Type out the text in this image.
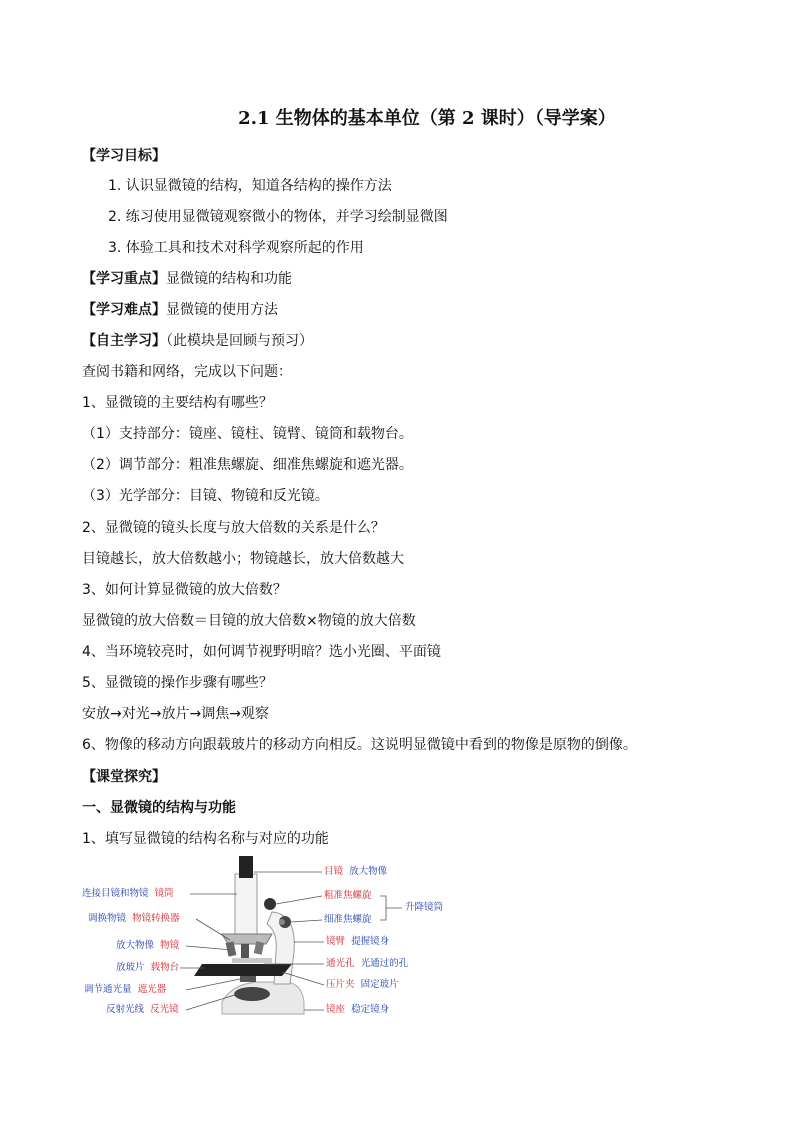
2.1 生物体的基本单位（第 2 课时）（导学案）
【学习目标】
1. 认识显微镜的结构，知道各结构的操作方法
2. 练习使用显微镜观察微小的物体，并学习绘制显微图
3. 体验工具和技术对科学观察所起的作用
【学习重点】显微镜的结构和功能
【学习难点】显微镜的使用方法
【自主学习】（此模块是回顾与预习）
查阅书籍和网络，完成以下问题：
1、显微镜的主要结构有哪些？
（1）支持部分：镜座、镜柱、镜臂、镜筒和载物台。
（2）调节部分：粗准焦螺旋、细准焦螺旋和遮光器。
（3）光学部分：目镜、物镜和反光镜。
2、显微镜的镜头长度与放大倍数的关系是什么？
目镜越长，放大倍数越小；物镜越长，放大倍数越大
3、如何计算显微镜的放大倍数？
显微镜的放大倍数＝目镜的放大倍数×物镜的放大倍数
4、当环境较亮时，如何调节视野明暗？选小光圈、平面镜
5、显微镜的操作步骤有哪些？
安放→对光→放片→调焦→观察
6、物像的移动方向跟载玻片的移动方向相反。这说明显微镜中看到的物像是原物的倒像。
【课堂探究】
一、显微镜的结构与功能
1、填写显微镜的结构名称与对应的功能
连接目镜和物镜 镜筒
调换物镜 物镜转换器
放大物像 物镜
放玻片 载物台
调节通光量 遮光器
反射光线 反光镜
目镜 放大物像
粗准焦螺旋
细准焦螺旋
升降镜筒
镜臂 提握镜身
通光孔 光通过的孔
压片夹 固定玻片
镜座 稳定镜身
